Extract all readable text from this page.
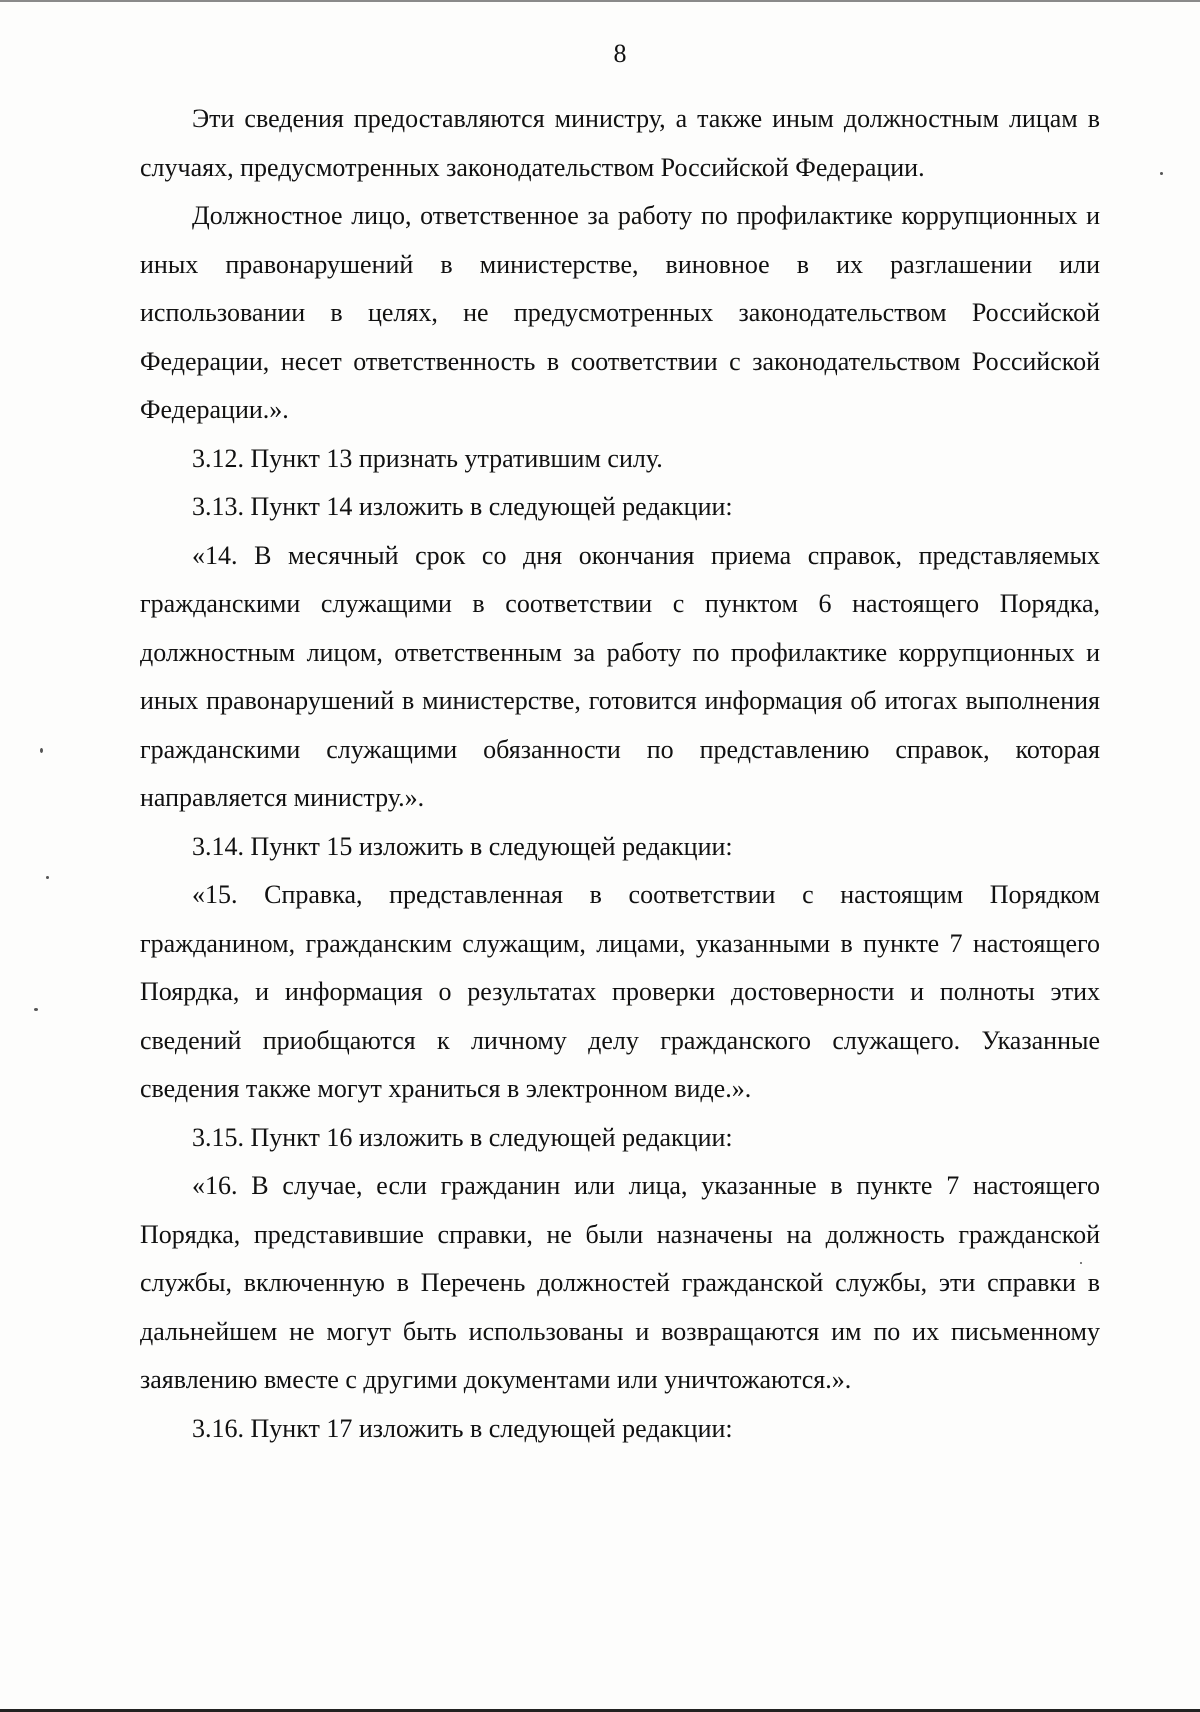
8

Эти сведения предоставляются министру, а также иным должностным лицам в случаях, предусмотренных законодательством Российской Федерации.

Должностное лицо, ответственное за работу по профилактике коррупционных и иных правонарушений в министерстве, виновное в их разглашении или использовании в целях, не предусмотренных законодательством Российской Федерации, несет ответственность в соответствии с законодательством Российской Федерации.».

3.12. Пункт 13 признать утратившим силу.

3.13. Пункт 14 изложить в следующей редакции:

«14. В месячный срок со дня окончания приема справок, представляемых гражданскими служащими в соответствии с пунктом 6 настоящего Порядка, должностным лицом, ответственным за работу по профилактике коррупционных и иных правонарушений в министерстве, готовится информация об итогах выполнения гражданскими служащими обязанности по представлению справок, которая направляется министру.».

3.14. Пункт 15 изложить в следующей редакции:

«15. Справка, представленная в соответствии с настоящим Порядком гражданином, гражданским служащим, лицами, указанными в пункте 7 настоящего Поярдка, и информация о результатах проверки достоверности и полноты этих сведений приобщаются к личному делу гражданского служащего. Указанные сведения также могут храниться в электронном виде.».

3.15. Пункт 16 изложить в следующей редакции:

«16. В случае, если гражданин или лица, указанные в пункте 7 настоящего Порядка, представившие справки, не были назначены на должность гражданской службы, включенную в Перечень должностей гражданской службы, эти справки в дальнейшем не могут быть использованы и возвращаются им по их письменному заявлению вместе с другими документами или уничтожаются.».

3.16. Пункт 17 изложить в следующей редакции:
